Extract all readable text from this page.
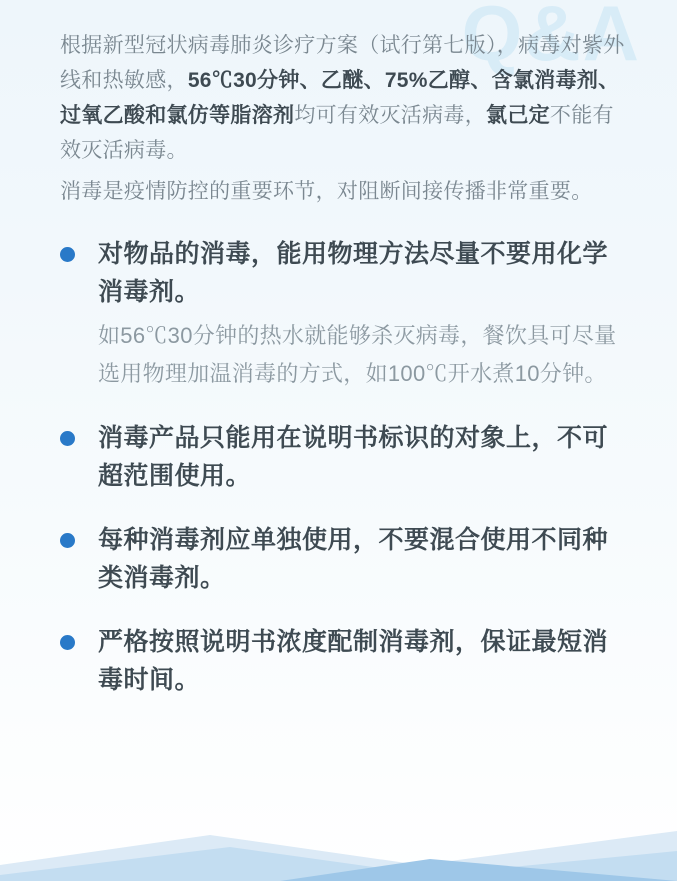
Q&A
根据新型冠状病毒肺炎诊疗方案（试行第七版），病毒对紫外线和热敏感，56℃30分钟、乙醚、75%乙醇、含氯消毒剂、过氧乙酸和氯仿等脂溶剂均可有效灭活病毒，氯己定不能有效灭活病毒。
消毒是疫情防控的重要环节，对阻断间接传播非常重要。
对物品的消毒，能用物理方法尽量不要用化学消毒剂。
如56℃30分钟的热水就能够杀灭病毒，餐饮具可尽量选用物理加温消毒的方式，如100℃开水煮10分钟。
消毒产品只能用在说明书标识的对象上，不可超范围使用。
每种消毒剂应单独使用，不要混合使用不同种类消毒剂。
严格按照说明书浓度配制消毒剂，保证最短消毒时间。
